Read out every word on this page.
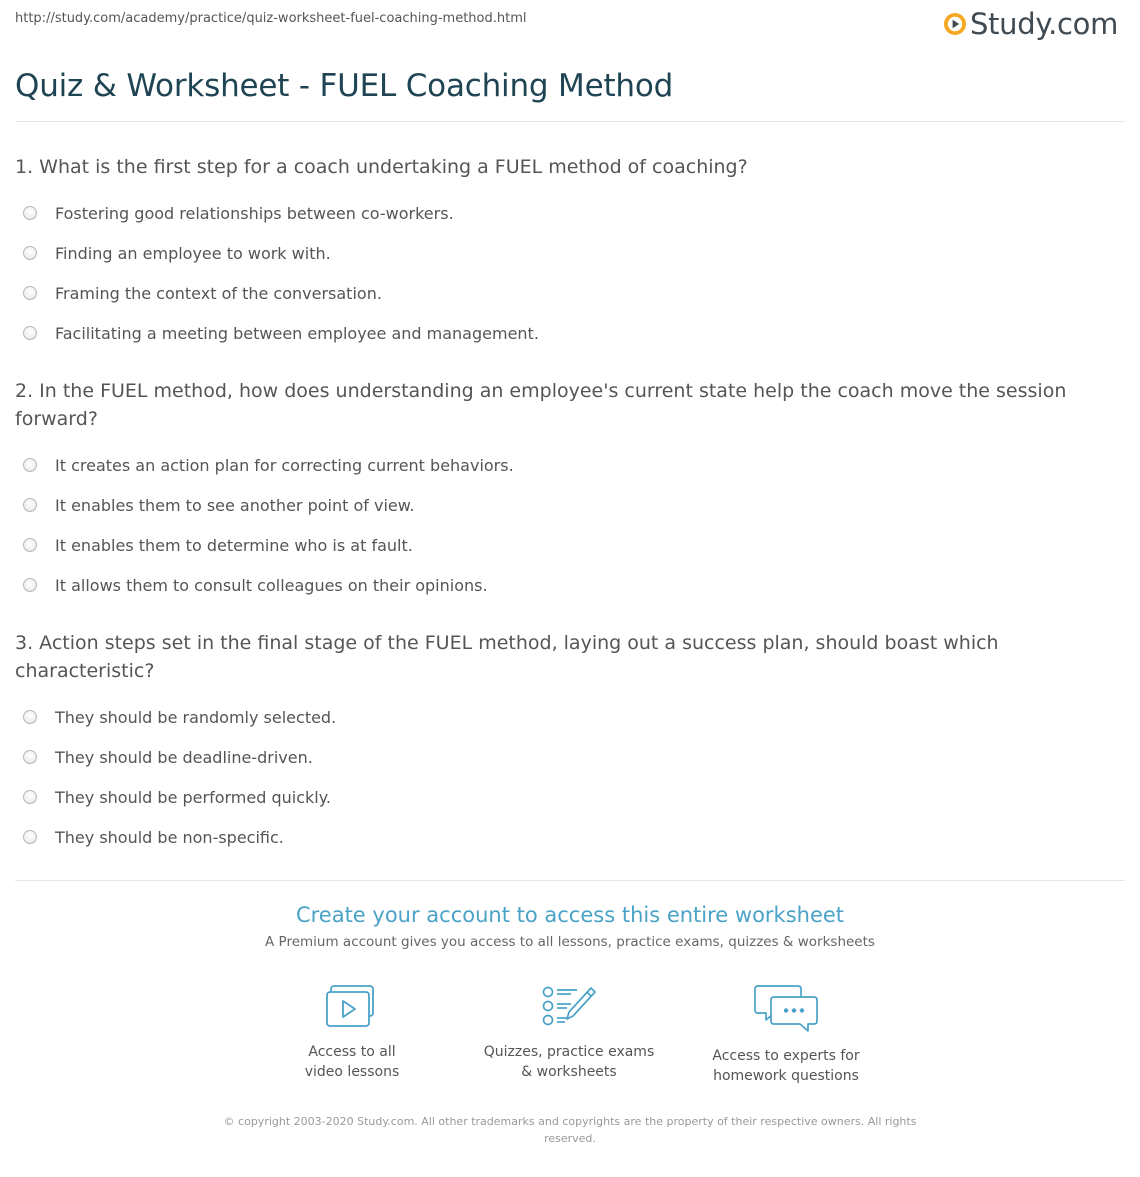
http://study.com/academy/practice/quiz-worksheet-fuel-coaching-method.html	Study.com
Quiz & Worksheet - FUEL Coaching Method
1. What is the first step for a coach undertaking a FUEL method of coaching?
Fostering good relationships between co-workers.
Finding an employee to work with.
Framing the context of the conversation.
Facilitating a meeting between employee and management.
2. In the FUEL method, how does understanding an employee's current state help the coach move the session forward?
It creates an action plan for correcting current behaviors.
It enables them to see another point of view.
It enables them to determine who is at fault.
It allows them to consult colleagues on their opinions.
3. Action steps set in the final stage of the FUEL method, laying out a success plan, should boast which characteristic?
They should be randomly selected.
They should be deadline-driven.
They should be performed quickly.
They should be non-specific.
Create your account to access this entire worksheet
A Premium account gives you access to all lessons, practice exams, quizzes & worksheets
Access to all
video lessons
Quizzes, practice exams
& worksheets
Access to experts for
homework questions
© copyright 2003-2020 Study.com. All other trademarks and copyrights are the property of their respective owners. All rights reserved.
